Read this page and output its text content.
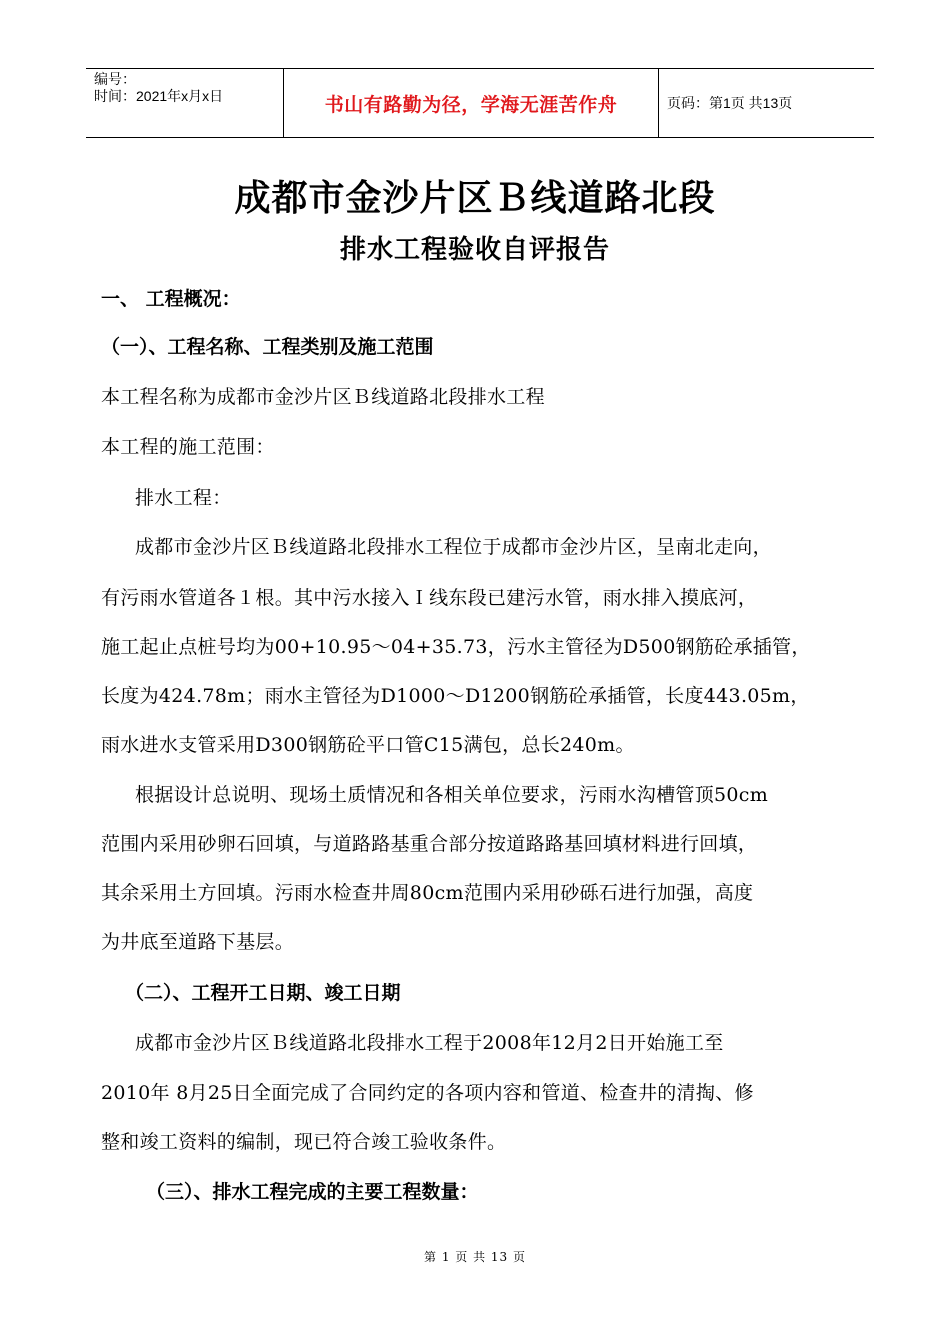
编号：
时间：2021年x月x日	书山有路勤为径，学海无涯苦作舟	页码：第1页 共13页
成都市金沙片区Ｂ线道路北段
排水工程验收自评报告
一、 工程概况：
（一）、工程名称、工程类别及施工范围
本工程名称为成都市金沙片区Ｂ线道路北段排水工程
本工程的施工范围：
排水工程：
成都市金沙片区Ｂ线道路北段排水工程位于成都市金沙片区，呈南北走向，
有污雨水管道各１根。其中污水接入Ｉ线东段已建污水管，雨水排入摸底河，
施工起止点桩号均为00+10.95～04+35.73，污水主管径为D500钢筋砼承插管，
长度为424.78m；雨水主管径为D1000～D1200钢筋砼承插管，长度443.05m，
雨水进水支管采用D300钢筋砼平口管C15满包，总长240m。
根据设计总说明、现场土质情况和各相关单位要求，污雨水沟槽管顶50cm
范围内采用砂卵石回填，与道路路基重合部分按道路路基回填材料进行回填，
其余采用土方回填。污雨水检查井周80cm范围内采用砂砾石进行加强，高度
为井底至道路下基层。
（二）、工程开工日期、竣工日期
成都市金沙片区Ｂ线道路北段排水工程于2008年12月2日开始施工至
2010年 8月25日全面完成了合同约定的各项内容和管道、检查井的清掏、修
整和竣工资料的编制，现已符合竣工验收条件。
（三）、排水工程完成的主要工程数量：
第 1 页 共 13 页
